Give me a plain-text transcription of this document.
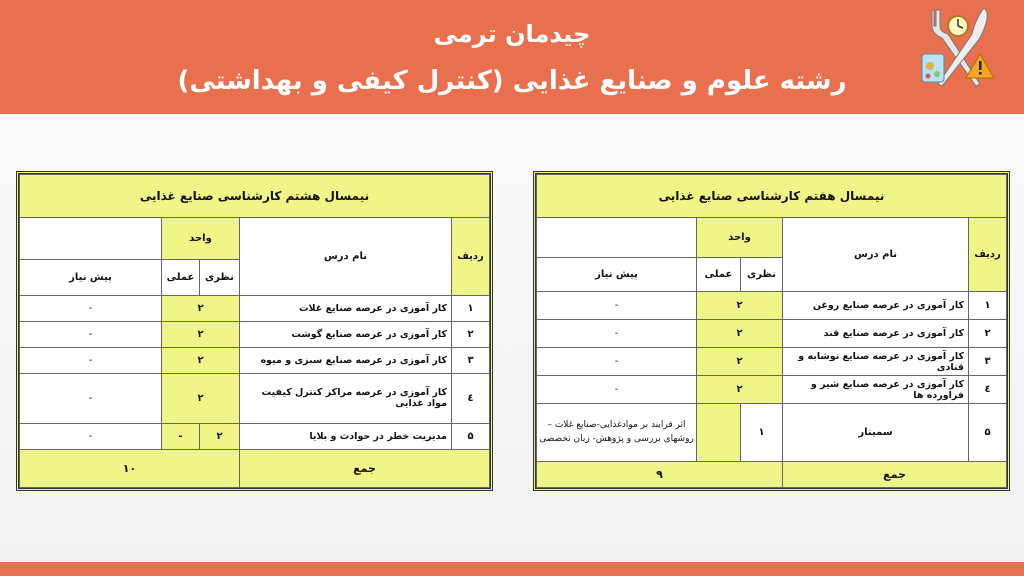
چیدمان ترمی
رشته علوم و صنایع غذایی (کنترل کیفی و بهداشتی)
نیمسال هشتم کارشناسی صنایع غذایی				
ردیف	نام درس	واحد		
		نظری	عملی	پیش نیاز
۱	کار آموزی در عرصه صنایع غلات	۲		-
۲	کار آموزی در عرصه صنایع گوشت	۲		-
۳	کار آموزی در عرصه صنایع سبزی و میوه	۲		-
٤	کار آموزی در عرصه مراکز کنترل کیفیت مواد غذایی	۲		-
۵	مدیریت خطر در حوادث و بلایا	۲	-	-
جمع		۱۰		
نیمسال هفتم کارشناسی صنایع غذایی				
ردیف	نام درس	واحد		
		نظری	عملی	پیش نیاز
۱	کار آموزی در عرصه صنایع روغن	۲		-
۲	کار آموزی در عرصه صنایع قند	۲		-
۳	کار آموزی در عرصه صنایع نوشابه و قنادی	۲		-
٤	کار آموزی در عرصه صنایع شیر و فراورده ها	۲		-
۵	سمینار	۱		اثر فرایند بر موادغذایی-صنایع غلات – روشهای بررسی و پژوهش- زبان تخصصی
جمع		۹		
